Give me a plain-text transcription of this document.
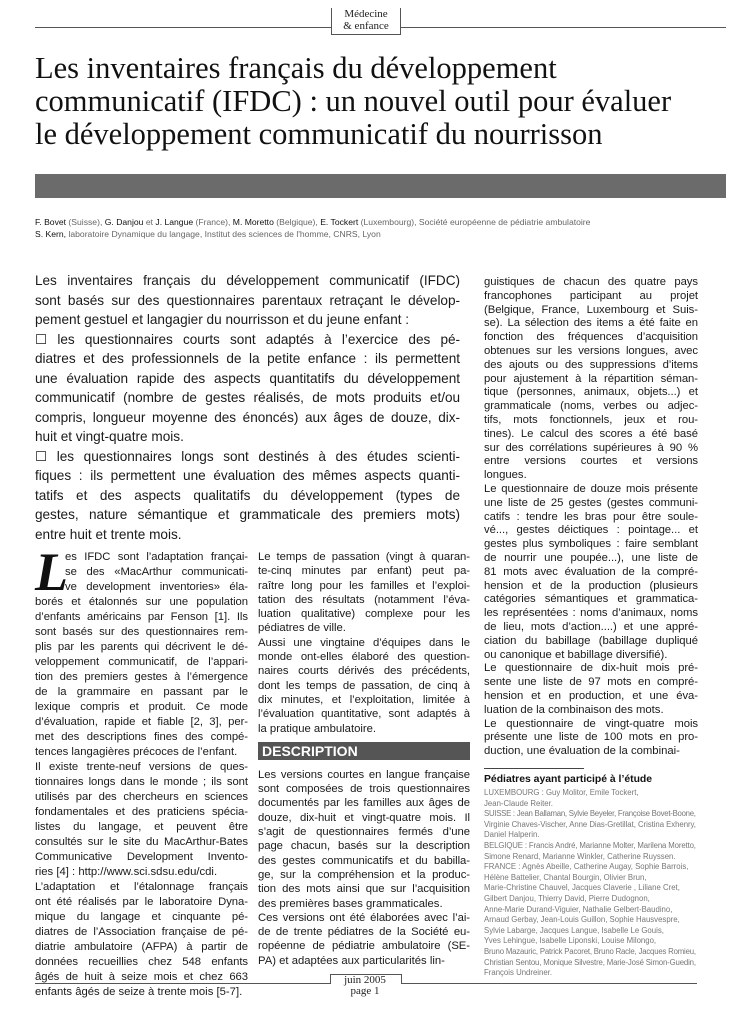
Médecine
& enfance
Les inventaires français du développement
communicatif (IFDC) : un nouvel outil pour évaluer
le développement communicatif du nourrisson
F. Bovet (Suisse), G. Danjou et J. Langue (France), M. Moretto (Belgique), E. Tockert (Luxembourg), Société européenne de pédiatrie ambulatoire
S. Kern, laboratoire Dynamique du langage, Institut des sciences de l'homme, CNRS, Lyon
Les inventaires français du développement communicatif (IFDC)
sont basés sur des questionnaires parentaux retraçant le dévelop-
pement gestuel et langagier du nourrisson et du jeune enfant :
☐ les questionnaires courts sont adaptés à l’exercice des pé-
diatres et des professionnels de la petite enfance : ils permettent
une évaluation rapide des aspects quantitatifs du développement
communicatif (nombre de gestes réalisés, de mots produits et/ou
compris, longueur moyenne des énoncés) aux âges de douze, dix-
huit et vingt-quatre mois.
☐ les questionnaires longs sont destinés à des études scienti-
fiques : ils permettent une évaluation des mêmes aspects quanti-
tatifs et des aspects qualitatifs du développement (types de
gestes, nature sémantique et grammaticale des premiers mots)
entre huit et trente mois.
L
es IFDC sont l’adaptation françai-
se des «MacArthur communicati-
ve development inventories» éla-
borés et étalonnés sur une population
d’enfants américains par Fenson [1]. Ils
sont basés sur des questionnaires rem-
plis par les parents qui décrivent le dé-
veloppement communicatif, de l’appari-
tion des premiers gestes à l’émergence
de la grammaire en passant par le
lexique compris et produit. Ce mode
d’évaluation, rapide et fiable [2, 3], per-
met des descriptions fines des compé-
tences langagières précoces de l’enfant.
Il existe trente-neuf versions de ques-
tionnaires longs dans le monde ; ils sont
utilisés par des chercheurs en sciences
fondamentales et des praticiens spécia-
listes du langage, et peuvent être
consultés sur le site du MacArthur-Bates
Communicative Development Invento-
ries [4] : http://www.sci.sdsu.edu/cdi.
L’adaptation et l’étalonnage français
ont été réalisés par le laboratoire Dyna-
mique du langage et cinquante pé-
diatres de l’Association française de pé-
diatrie ambulatoire (AFPA) à partir de
données recueillies chez 548 enfants
âgés de huit à seize mois et chez 663
enfants âgés de seize à trente mois [5-7].
Le temps de passation (vingt à quaran-
te-cinq minutes par enfant) peut pa-
raître long pour les familles et l’exploi-
tation des résultats (notamment l’éva-
luation qualitative) complexe pour les
pédiatres de ville.
Aussi une vingtaine d’équipes dans le
monde ont-elles élaboré des question-
naires courts dérivés des précédents,
dont les temps de passation, de cinq à
dix minutes, et l’exploitation, limitée à
l’évaluation quantitative, sont adaptés à
la pratique ambulatoire.
DESCRIPTION
Les versions courtes en langue française
sont composées de trois questionnaires
documentés par les familles aux âges de
douze, dix-huit et vingt-quatre mois. Il
s’agit de questionnaires fermés d’une
page chacun, basés sur la description
des gestes communicatifs et du babilla-
ge, sur la compréhension et la produc-
tion des mots ainsi que sur l’acquisition
des premières bases grammaticales.
Ces versions ont été élaborées avec l’ai-
de de trente pédiatres de la Société eu-
ropéenne de pédiatrie ambulatoire (SE-
PA) et adaptées aux particularités lin-
guistiques de chacun des quatre pays
francophones participant au projet
(Belgique, France, Luxembourg et Suis-
se). La sélection des items a été faite en
fonction des fréquences d’acquisition
obtenues sur les versions longues, avec
des ajouts ou des suppressions d’items
pour ajustement à la répartition séman-
tique (personnes, animaux, objets...) et
grammaticale (noms, verbes ou adjec-
tifs, mots fonctionnels, jeux et rou-
tines). Le calcul des scores a été basé
sur des corrélations supérieures à 90 %
entre versions courtes et versions
longues.
Le questionnaire de douze mois présente
une liste de 25 gestes (gestes communi-
catifs : tendre les bras pour être soule-
vé..., gestes déictiques : pointage... et
gestes plus symboliques : faire semblant
de nourrir une poupée...), une liste de
81 mots avec évaluation de la compré-
hension et de la production (plusieurs
catégories sémantiques et grammatica-
les représentées : noms d’animaux, noms
de lieu, mots d’action....) et une appré-
ciation du babillage (babillage dupliqué
ou canonique et babillage diversifié).
Le questionnaire de dix-huit mois pré-
sente une liste de 97 mots en compré-
hension et en production, et une éva-
luation de la combinaison des mots.
Le questionnaire de vingt-quatre mois
présente une liste de 100 mots en pro-
duction, une évaluation de la combinai-
Pédiatres ayant participé à l’étude
LUXEMBOURG : Guy Molitor, Emile Tockert,
Jean-Claude Reiter.
SUISSE : Jean Ballaman, Sylvie Beyeler, Françoise Bovet-Boone,
Virginie Chaves-Vischer, Anne Dias-Gretillat, Cristina Exhenry,
Daniel Halperin.
BELGIQUE : Francis André, Marianne Molter, Marilena Moretto,
Simone Renard, Marianne Winkler, Catherine Ruyssen.
FRANCE : Agnès Abeille, Catherine Augay, Sophie Barrois,
Hélène Battelier, Chantal Bourgin, Olivier Brun,
Marie-Christine Chauvel, Jacques Claverie , Liliane Cret,
Gilbert Danjou, Thierry David, Pierre Dudognon,
Anne-Marie Durand-Viguier, Nathalie Gelbert-Baudino,
Arnaud Gerbay, Jean-Louis Guillon, Sophie Hausvespre,
Sylvie Labarge, Jacques Langue, Isabelle Le Gouis,
Yves Lehingue, Isabelle Liponski, Louise Milongo,
Bruno Mazauric, Patrick Pacoret, Bruno Racle, Jacques Romieu,
Christian Sentou, Monique Silvestre, Marie-José Simon-Guedin,
François Undreiner.
juin 2005
page 1
